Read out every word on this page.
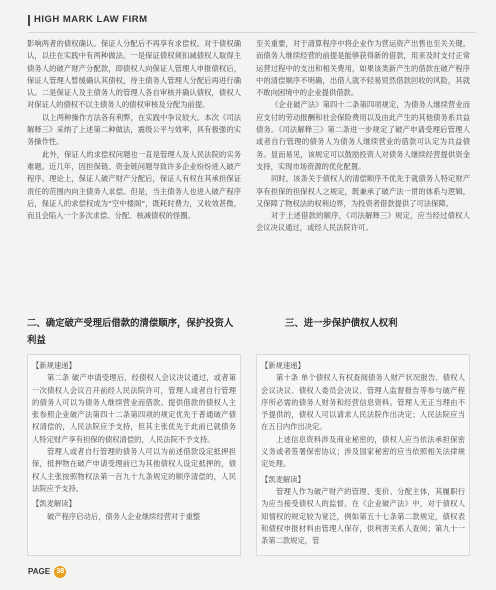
HIGH MARK LAW FIRM

影响两者的债权确认。保证人分配后不再享有求偿权。对于债权确认，以往在实践中有两种做法。一是保证债权须扣减债权人取得主债务人的破产财产分配款，即债权人向保证人管理人申报债权后，保证人管理人暂缓确认其债权，待主债务人管理人分配后再进行确认。二是保证人及主债务人的管理人各自审核并确认债权，债权人对保证人的债权不以主债务人的债权审核及分配为前提。

以上两种操作方法各有利弊，在实践中争议较大。本次《司法解释三》采纳了上述第二种做法，震级公平与效率，具有极强的实务操作性。

此外，保证人的求偿权问题也一直是管理人及人民法院的实务难题。近几年，因担保链、资金链问题导致许多企业纷纷进入破产程序。理论上，保证人破产财产分配后，保证人有权在其承担保证责任的范围内向主债务人求偿。但是，当主债务人也进入破产程序后，保证人的求偿权成为“空中楼阁”，既耗时费力，又收效甚微，而且会陷入一个多次求偿、分配、核减债权的怪圈。

二、确定破产受理后借款的清偿顺序，保护投资人利益

【新规速递】

第二条 破产申请受理后，经债权人会议决议通过，或者第一次债权人会议召开前经人民法院许可，管理人或者自行管理的债务人可以为债务人继续营业而借款。提供借款的债权人主张参照企业破产法第四十二条第四项的规定优先于普通破产债权清偿的，人民法院应予支持，但其主张优先于此前已就债务人特定财产享有担保的债权清偿的，人民法院不予支持。

管理人或者自行管理的债务人可以为前述借款设定抵押担保，抵押物在破产申请受理前已为其他债权人设定抵押的，债权人主张按照物权法第一百九十九条规定的顺序清偿的，人民法院应予支持。

【凯麦解读】

破产程序启动后，债务人企业继续经营对于重整

至关重要，对于清算程序中将企业作为营运资产出售也至关关键。而债务人继续经营的前提是能够获得新的借款，用来及时支付正常运营过程中的支出和相关费用，如果该类新产生的借款在破产程序中的清偿顺序不明确，出借人就不轻易贸然借款回收的风险，其就不敢向困境中的企业提供借款。

《企业破产法》第四十二条第四项规定，为债务人继续营业而应支付的劳动报酬和社会保险费用以及由此产生的其他债务系共益债务。《司法解释三》第二条进一步规定了破产申请受理后管理人或者自行管理的债务人为债务人继续营业的借款可认定为共益债务。显而易见，该规定可以鼓励投资人对债务人继续经营提供资金支持，实现市场资源的优化配置。

同时，该条关于债权人的清偿顺序不优先于就债务人特定财产享有担保的担保权人之规定，既兼承了破产法一贯的体系与逻辑，又保障了物权法的权利边界，为投资者借款提供了可法保障。

对于上述借款的顺序，《司法解释三》规定，应当经过债权人会议决议通过，或经人民法院许可。

三、进一步保护债权人权利

【新规速递】

第十条 单个债权人有权查阅债务人财产状况报告、债权人会议决议、债权人委员会决议、管理人监督报告等参与破产程序所必需的债务人财务和经营信息资料。管理人无正当理由不予提供的，债权人可以请求人民法院作出决定；人民法院应当在五日内作出决定。

上述信息资料涉及商业秘密的，债权人应当依法承担保密义务或者签署保密协议；涉及国家秘密的应当依照相关法律规定处理。

【凯麦解读】

管理人作为破产财产的管理、变价、分配主体，其履职行为应当接受债权人的监督。在《企业破产法》中，对于债权人知情权的规定较为宽泛，例如第五十七条第二款规定，债权表和债权申报材料由管理人保存，供利害关系人查阅；第九十一条第二款规定，管

PAGE 38
